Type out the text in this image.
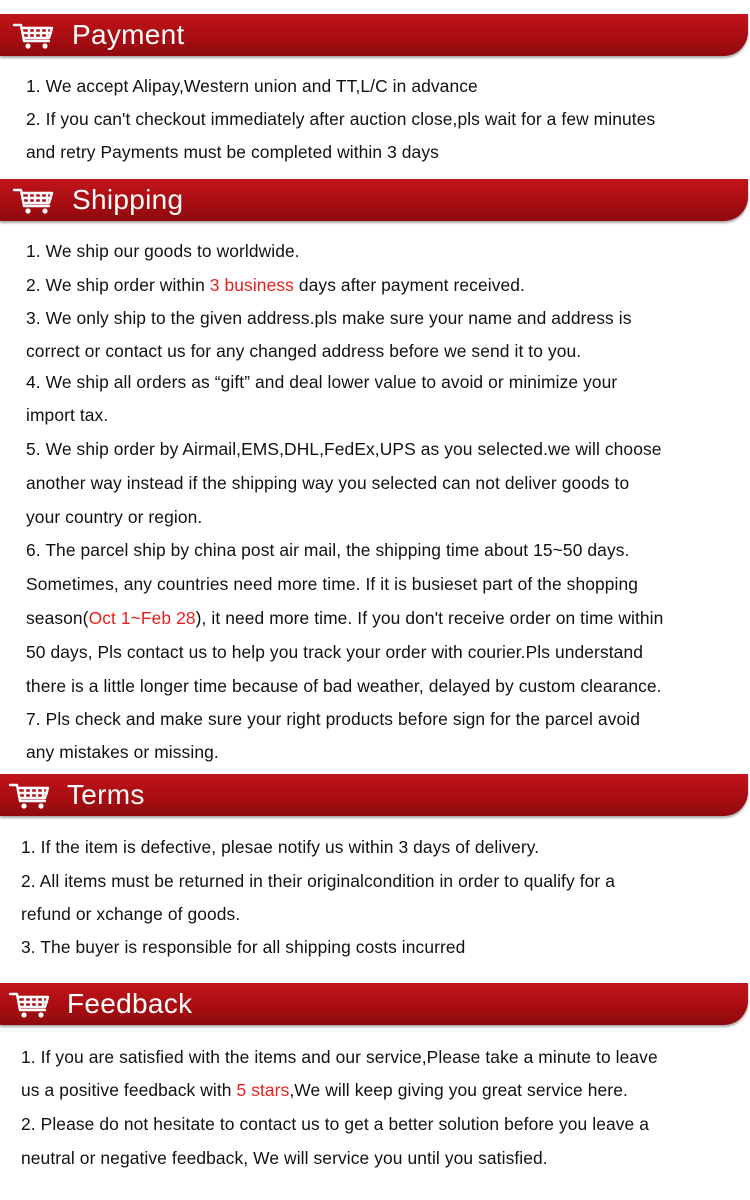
Payment
1. We accept Alipay,Western union and TT,L/C in advance
2. If you can't checkout immediately after auction close,pls wait for a few minutes
and retry Payments must be completed within 3 days
Shipping
1. We ship our goods to worldwide.
2. We ship order within 3 business days after payment received.
3. We only ship to the given address.pls make sure your name and address is
correct or contact us for any changed address before we send it to you.
4. We ship all orders as “gift” and deal lower value to avoid or minimize your
import tax.
5. We ship order by Airmail,EMS,DHL,FedEx,UPS as you selected.we will choose
another way instead if the shipping way you selected can not deliver goods to
your country or region.
6. The parcel ship by china post air mail, the shipping time about 15~50 days.
Sometimes, any countries need more time. If it is busieset part of the shopping
season(Oct 1~Feb 28), it need more time. If you don't receive order on time within
50 days, Pls contact us to help you track your order with courier.Pls understand
there is a little longer time because of bad weather, delayed by custom clearance.
7. Pls check and make sure your right products before sign for the parcel avoid
any mistakes or missing.
Terms
1. If the item is defective, plesae notify us within 3 days of delivery.
2. All items must be returned in their originalcondition in order to qualify for a
refund or xchange of goods.
3. The buyer is responsible for all shipping costs incurred
Feedback
1. If you are satisfied with the items and our service,Please take a minute to leave
us a positive feedback with 5 stars,We will keep giving you great service here.
2. Please do not hesitate to contact us to get a better solution before you leave a
neutral or negative feedback, We will service you until you satisfied.
